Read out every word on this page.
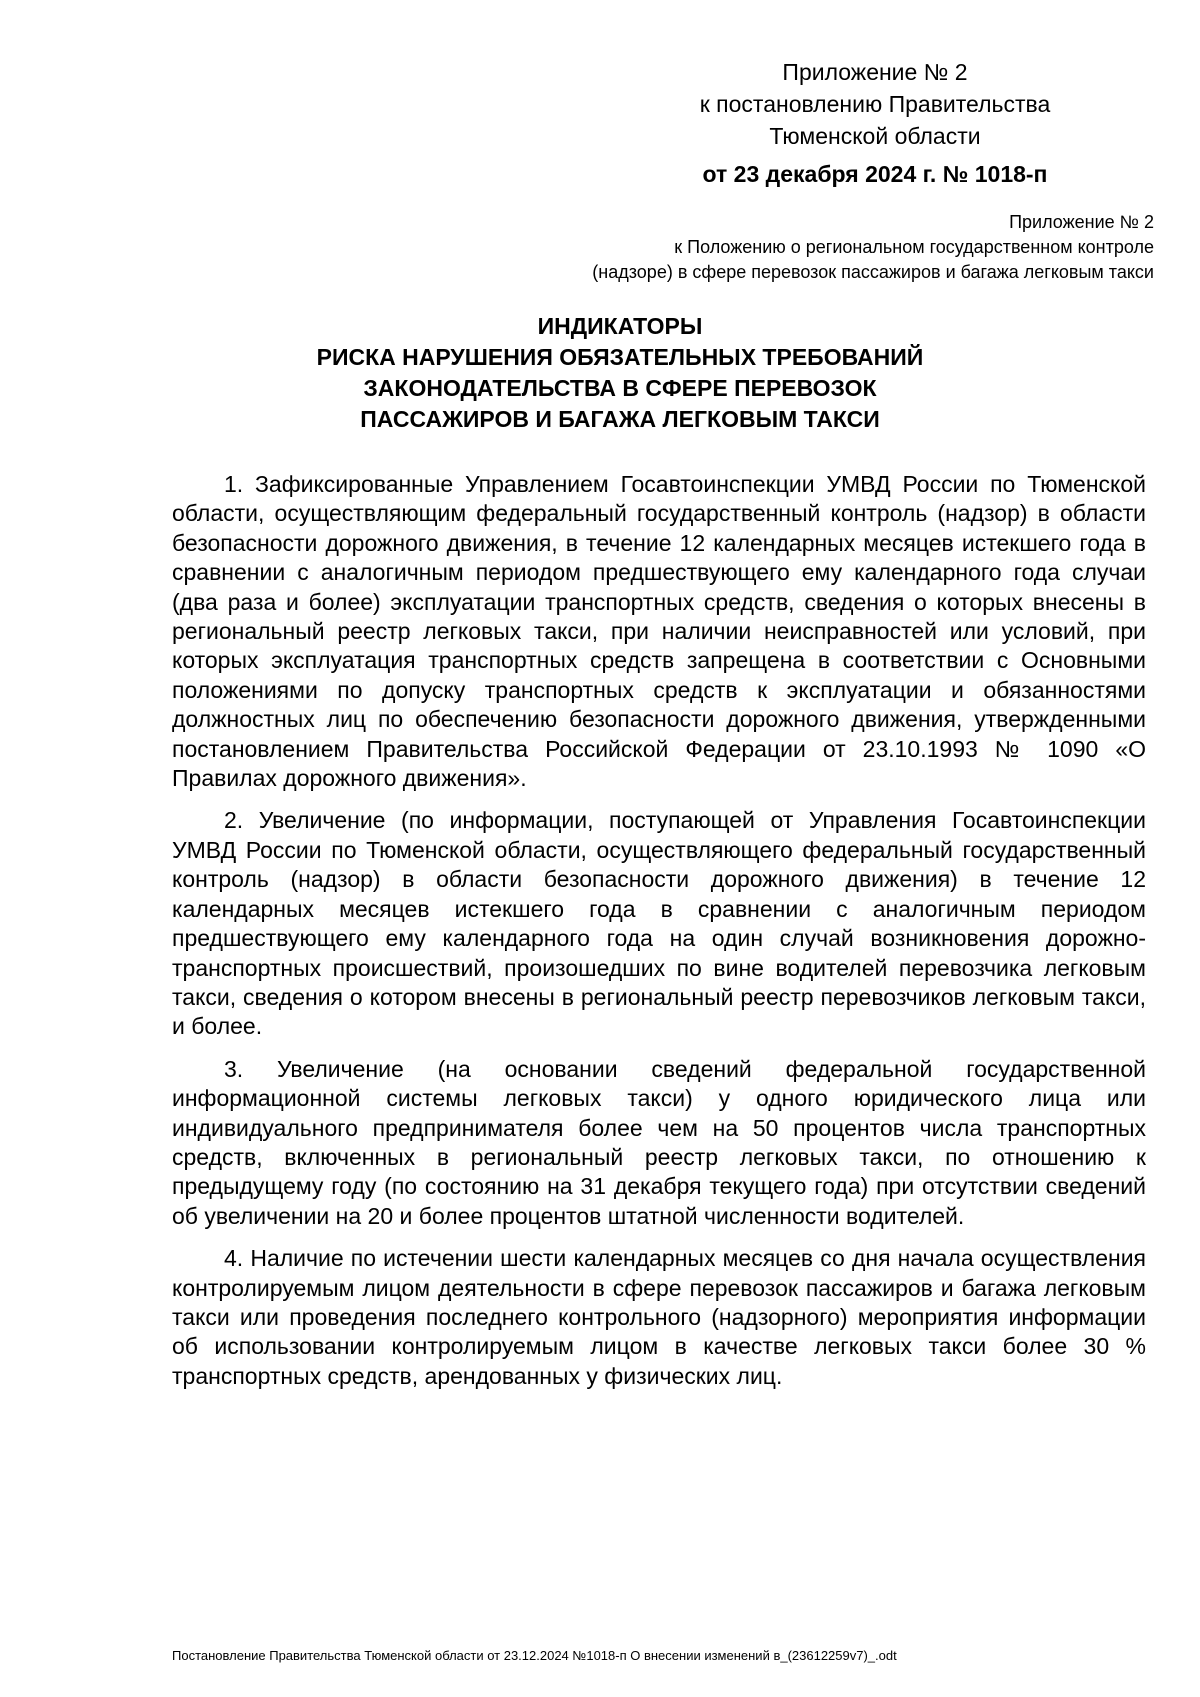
Приложение № 2
к постановлению Правительства
Тюменской области
от 23 декабря 2024 г. № 1018-п
Приложение № 2
к Положению о региональном государственном контроле
(надзоре) в сфере перевозок пассажиров и багажа легковым такси
ИНДИКАТОРЫ
РИСКА НАРУШЕНИЯ ОБЯЗАТЕЛЬНЫХ ТРЕБОВАНИЙ
ЗАКОНОДАТЕЛЬСТВА В СФЕРЕ ПЕРЕВОЗОК
ПАССАЖИРОВ И БАГАЖА ЛЕГКОВЫМ ТАКСИ

1. Зафиксированные Управлением Госавтоинспекции УМВД России по Тюменской области, осуществляющим федеральный государственный контроль (надзор) в области безопасности дорожного движения, в течение 12 календарных месяцев истекшего года в сравнении с аналогичным периодом предшествующего ему календарного года случаи (два раза и более) эксплуатации транспортных средств, сведения о которых внесены в региональный реестр легковых такси, при наличии неисправностей или условий, при которых эксплуатация транспортных средств запрещена в соответствии с Основными положениями по допуску транспортных средств к эксплуатации и обязанностями должностных лиц по обеспечению безопасности дорожного движения, утвержденными постановлением Правительства Российской Федерации от 23.10.1993 № 1090 «О Правилах дорожного движения».

2. Увеличение (по информации, поступающей от Управления Госавтоинспекции УМВД России по Тюменской области, осуществляющего федеральный государственный контроль (надзор) в области безопасности дорожного движения) в течение 12 календарных месяцев истекшего года в сравнении с аналогичным периодом предшествующего ему календарного года на один случай возникновения дорожно-транспортных происшествий, произошедших по вине водителей перевозчика легковым такси, сведения о котором внесены в региональный реестр перевозчиков легковым такси, и более.

3. Увеличение (на основании сведений федеральной государственной информационной системы легковых такси) у одного юридического лица или индивидуального предпринимателя более чем на 50 процентов числа транспортных средств, включенных в региональный реестр легковых такси, по отношению к предыдущему году (по состоянию на 31 декабря текущего года) при отсутствии сведений об увеличении на 20 и более процентов штатной численности водителей.

4. Наличие по истечении шести календарных месяцев со дня начала осуществления контролируемым лицом деятельности в сфере перевозок пассажиров и багажа легковым такси или проведения последнего контрольного (надзорного) мероприятия информации об использовании контролируемым лицом в качестве легковых такси более 30 % транспортных средств, арендованных у физических лиц.

Постановление Правительства Тюменской области от 23.12.2024 №1018-п О внесении изменений в_(23612259v7)_.odt
